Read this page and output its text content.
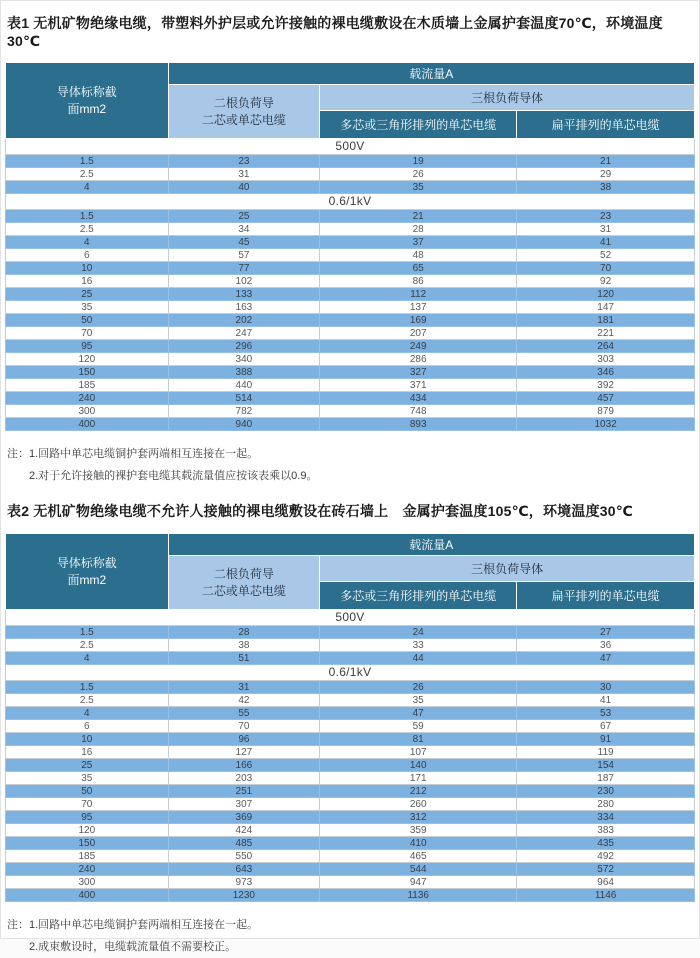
表1 无机矿物绝缘电缆，带塑料外护层或允许接触的裸电缆敷设在木质墙上金属护套温度70℃，环境温度30℃
导体标称截
面mm2	载流量A		

	二根负荷导
二芯或单芯电缆	三根负荷导体	
		多芯或三角形排列的单芯电缆	扁平排列的单芯电缆
500V			
1.5	23	19	21
2.5	31	26	29
4	40	35	38
0.6/1kV			
1.5	25	21	23
2.5	34	28	31
4	45	37	41
6	57	48	52
10	77	65	70
16	102	86	92
25	133	112	120
35	163	137	147
50	202	169	181
70	247	207	221
95	296	249	264
120	340	286	303
150	388	327	346
185	440	371	392
240	514	434	457
300	782	748	879
400	940	893	1032
注：1.回路中单芯电缆铜护套两端相互连接在一起。
2.对于允许接触的裸护套电缆其载流量值应按该表乘以0.9。
表2 无机矿物绝缘电缆不允许人接触的裸电缆敷设在砖石墙上　金属护套温度105℃，环境温度30℃
导体标称截
面mm2	载流量A		

	二根负荷导
二芯或单芯电缆	三根负荷导体	
		多芯或三角形排列的单芯电缆	扁平排列的单芯电缆
500V			
1.5	28	24	27
2.5	38	33	36
4	51	44	47
0.6/1kV			
1.5	31	26	30
2.5	42	35	41
4	55	47	53
6	70	59	67
10	96	81	91
16	127	107	119
25	166	140	154
35	203	171	187
50	251	212	230
70	307	260	280
95	369	312	334
120	424	359	383
150	485	410	435
185	550	465	492
240	643	544	572
300	973	947	964
400	1230	1136	1146
注：1.回路中单芯电缆铜护套两端相互连接在一起。
2.成束敷设时，电缆载流量值不需要校正。
